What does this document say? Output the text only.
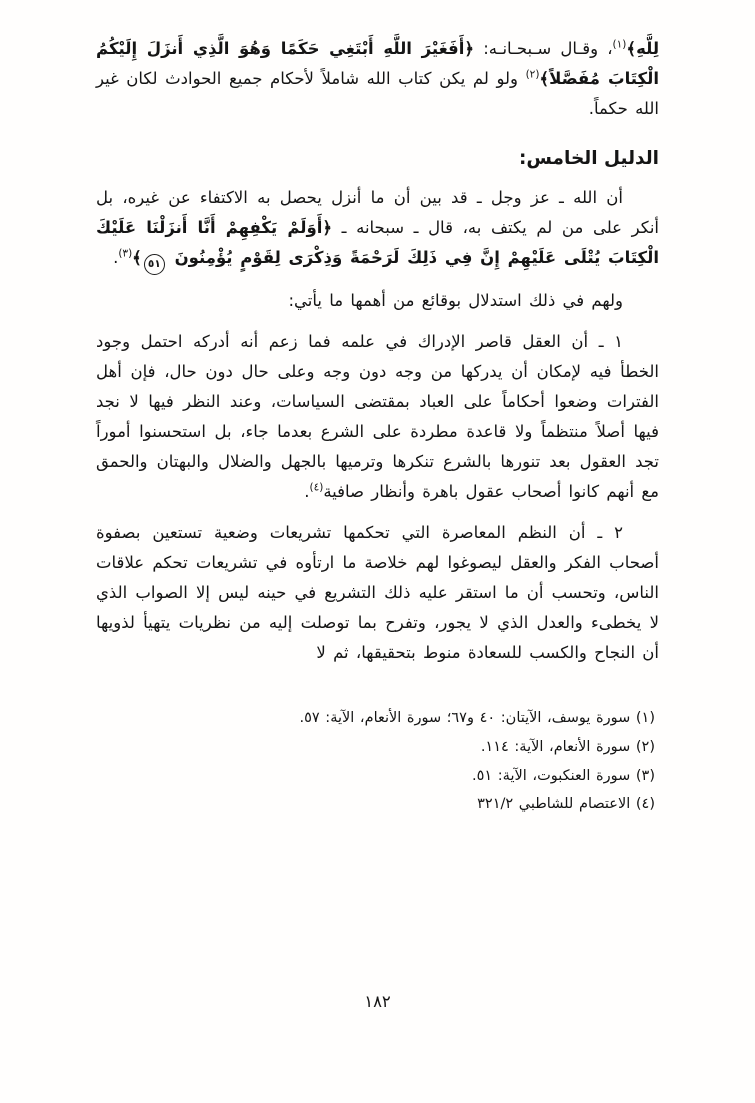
لِلَّهِ﴾$^{(١)}$، وقـال سـبحـانـه: ﴿أَفَغَيْرَ اللَّهِ أَبْتَغِي حَكَمًا وَهُوَ الَّذِي أَنزَلَ إِلَيْكُمُ الْكِتَابَ مُفَصَّلاً﴾$^{(٢)}$ ولو لم يكن كتاب الله شاملاً لأحكام جميع الحوادث لكان غير الله حكماً.

الدليل الخامس:

أن الله ـ عز وجل ـ قد بين أن ما أنزل يحصل به الاكتفاء عن غيره، بل أنكر على من لم يكتف به، قال ـ سبحانه ـ ﴿أَوَلَمْ يَكْفِهِمْ أَنَّا أَنزَلْنَا عَلَيْكَ الْكِتَابَ يُتْلَى عَلَيْهِمْ إِنَّ فِي ذَلِكَ لَرَحْمَةً وَذِكْرَى لِقَوْمٍ يُؤْمِنُونَ ٥١﴾$^{(٣)}$.

ولهم في ذلك استدلال بوقائع من أهمها ما يأتي:

١ ـ أن العقل قاصر الإدراك في علمه فما زعم أنه أدركه احتمل وجود الخطأ فيه لإمكان أن يدركها من وجه دون وجه وعلى حال دون حال، فإن أهل الفترات وضعوا أحكاماً على العباد بمقتضى السياسات، وعند النظر فيها لا نجد فيها أصلاً منتظماً ولا قاعدة مطردة على الشرع بعدما جاء، بل استحسنوا أموراً تجد العقول بعد تنورها بالشرع تنكرها وترميها بالجهل والضلال والبهتان والحمق مع أنهم كانوا أصحاب عقول باهرة وأنظار صافية$^{(٤)}$.

٢ ـ أن النظم المعاصرة التي تحكمها تشريعات وضعية تستعين بصفوة أصحاب الفكر والعقل ليصوغوا لهم خلاصة ما ارتأوه في تشريعات تحكم علاقات الناس، وتحسب أن ما استقر عليه ذلك التشريع في حينه ليس إلا الصواب الذي لا يخطىء والعدل الذي لا يجور، وتفرح بما توصلت إليه من نظريات يتهيأ لذويها أن النجاح والكسب للسعادة منوط بتحقيقها، ثم لا

(١) سورة يوسف، الآيتان: ٤٠ و٦٧؛ سورة الأنعام، الآية: ٥٧.
(٢) سورة الأنعام، الآية: ١١٤.
(٣) سورة العنكبوت، الآية: ٥١.
(٤) الاعتصام للشاطبي ٣٢١/٢
١٨٢
